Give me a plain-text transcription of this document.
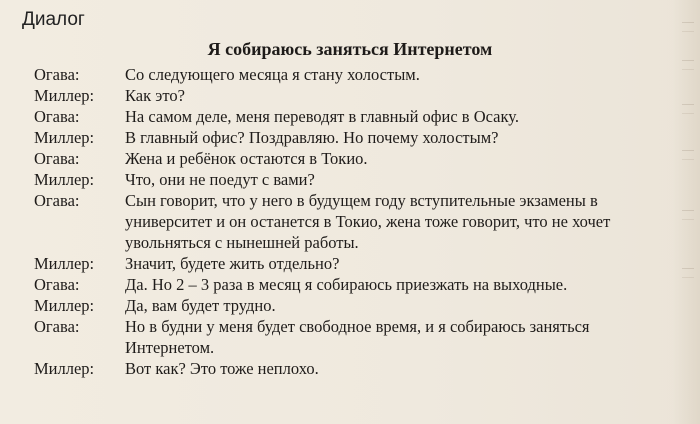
Диалог
Я собираюсь заняться Интернетом
Огава:	Со следующего месяца я стану холостым.
Миллер:	Как это?
Огава:	На самом деле, меня переводят в главный офис в Осаку.
Миллер:	В главный офис? Поздравляю. Но почему холостым?
Огава:	Жена и ребёнок остаются в Токио.
Миллер:	Что, они не поедут с вами?
Огава:	Сын говорит, что у него в будущем году вступительные экзамены в
университет и он останется в Токио, жена тоже говорит, что не хочет
увольняться с нынешней работы.
Миллер:	Значит, будете жить отдельно?
Огава:	Да. Но 2 – 3 раза в месяц я собираюсь приезжать на выходные.
Миллер:	Да, вам будет трудно.
Огава:	Но в будни у меня будет свободное время, и я собираюсь заняться
Интернетом.
Миллер:	Вот как? Это тоже неплохо.
